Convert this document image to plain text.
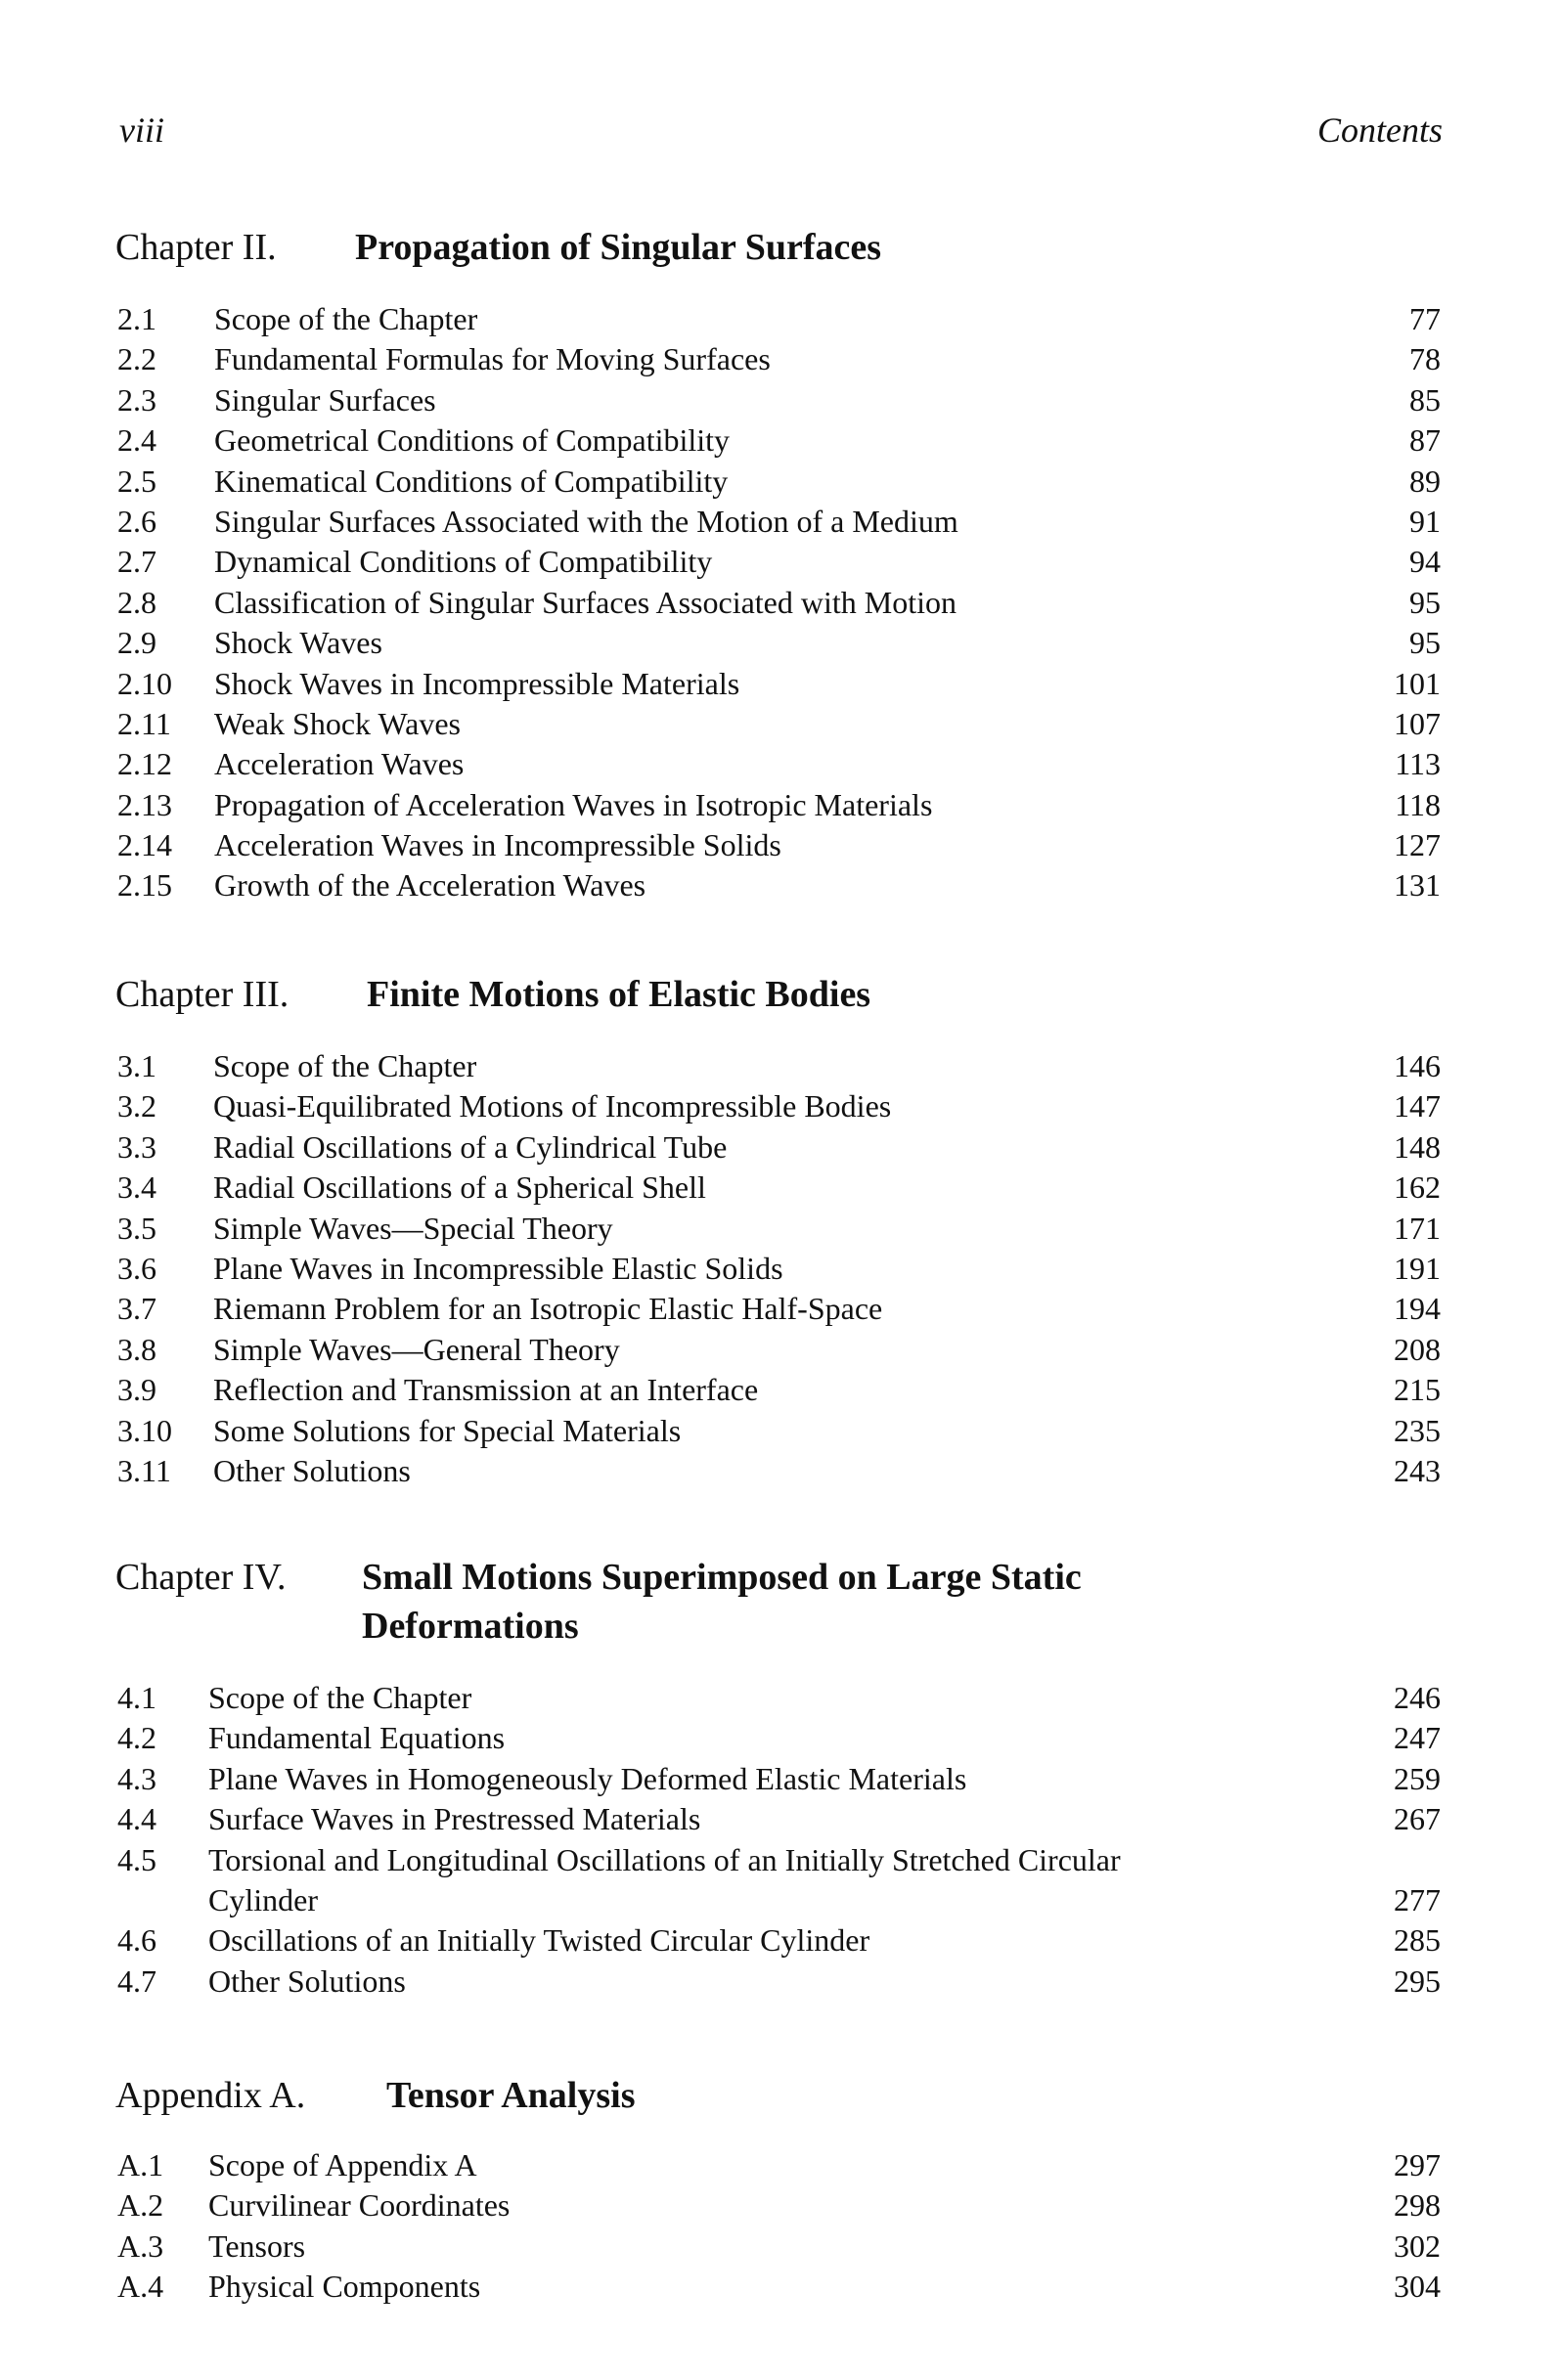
viii	Contents
Chapter II. Propagation of Singular Surfaces
2.1 Scope of the Chapter	77
2.2 Fundamental Formulas for Moving Surfaces	78
2.3 Singular Surfaces	85
2.4 Geometrical Conditions of Compatibility	87
2.5 Kinematical Conditions of Compatibility	89
2.6 Singular Surfaces Associated with the Motion of a Medium	91
2.7 Dynamical Conditions of Compatibility	94
2.8 Classification of Singular Surfaces Associated with Motion	95
2.9 Shock Waves	95
2.10 Shock Waves in Incompressible Materials	101
2.11 Weak Shock Waves	107
2.12 Acceleration Waves	113
2.13 Propagation of Acceleration Waves in Isotropic Materials	118
2.14 Acceleration Waves in Incompressible Solids	127
2.15 Growth of the Acceleration Waves	131
Chapter III. Finite Motions of Elastic Bodies
3.1 Scope of the Chapter	146
3.2 Quasi-Equilibrated Motions of Incompressible Bodies	147
3.3 Radial Oscillations of a Cylindrical Tube	148
3.4 Radial Oscillations of a Spherical Shell	162
3.5 Simple Waves—Special Theory	171
3.6 Plane Waves in Incompressible Elastic Solids	191
3.7 Riemann Problem for an Isotropic Elastic Half-Space	194
3.8 Simple Waves—General Theory	208
3.9 Reflection and Transmission at an Interface	215
3.10 Some Solutions for Special Materials	235
3.11 Other Solutions	243
Chapter IV. Small Motions Superimposed on Large Static Deformations
4.1 Scope of the Chapter	246
4.2 Fundamental Equations	247
4.3 Plane Waves in Homogeneously Deformed Elastic Materials	259
4.4 Surface Waves in Prestressed Materials	267
4.5 Torsional and Longitudinal Oscillations of an Initially Stretched Circular Cylinder	277
4.6 Oscillations of an Initially Twisted Circular Cylinder	285
4.7 Other Solutions	295
Appendix A. Tensor Analysis
A.1 Scope of Appendix A	297
A.2 Curvilinear Coordinates	298
A.3 Tensors	302
A.4 Physical Components	304
